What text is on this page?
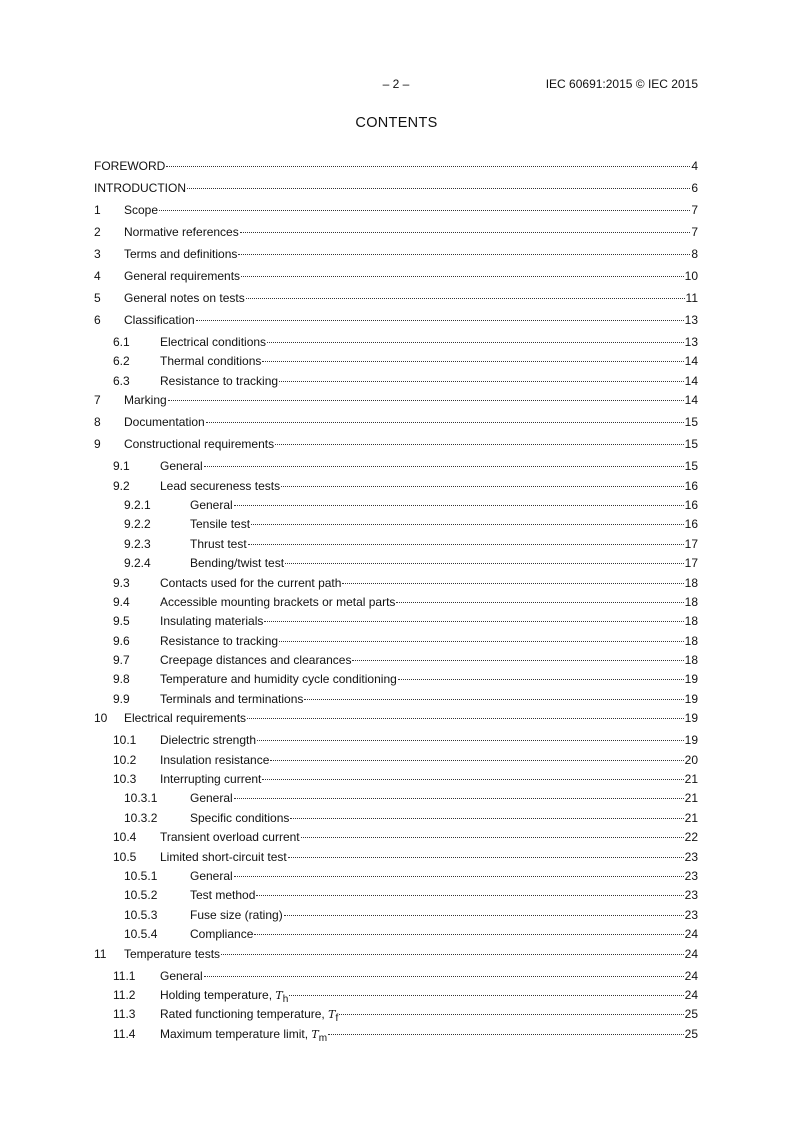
– 2 –	IEC 60691:2015 © IEC 2015
CONTENTS
FOREWORD	4
INTRODUCTION	6
1	Scope	7
2	Normative references	7
3	Terms and definitions	8
4	General requirements	10
5	General notes on tests	11
6	Classification	13
6.1	Electrical conditions	13
6.2	Thermal conditions	14
6.3	Resistance to tracking	14
7	Marking	14
8	Documentation	15
9	Constructional requirements	15
9.1	General	15
9.2	Lead secureness tests	16
9.2.1	General	16
9.2.2	Tensile test	16
9.2.3	Thrust test	17
9.2.4	Bending/twist test	17
9.3	Contacts used for the current path	18
9.4	Accessible mounting brackets or metal parts	18
9.5	Insulating materials	18
9.6	Resistance to tracking	18
9.7	Creepage distances and clearances	18
9.8	Temperature and humidity cycle conditioning	19
9.9	Terminals and terminations	19
10	Electrical requirements	19
10.1	Dielectric strength	19
10.2	Insulation resistance	20
10.3	Interrupting current	21
10.3.1	General	21
10.3.2	Specific conditions	21
10.4	Transient overload current	22
10.5	Limited short-circuit test	23
10.5.1	General	23
10.5.2	Test method	23
10.5.3	Fuse size (rating)	23
10.5.4	Compliance	24
11	Temperature tests	24
11.1	General	24
11.2	Holding temperature, $T_h$	24
11.3	Rated functioning temperature, $T_f$	25
11.4	Maximum temperature limit, $T_m$	25
